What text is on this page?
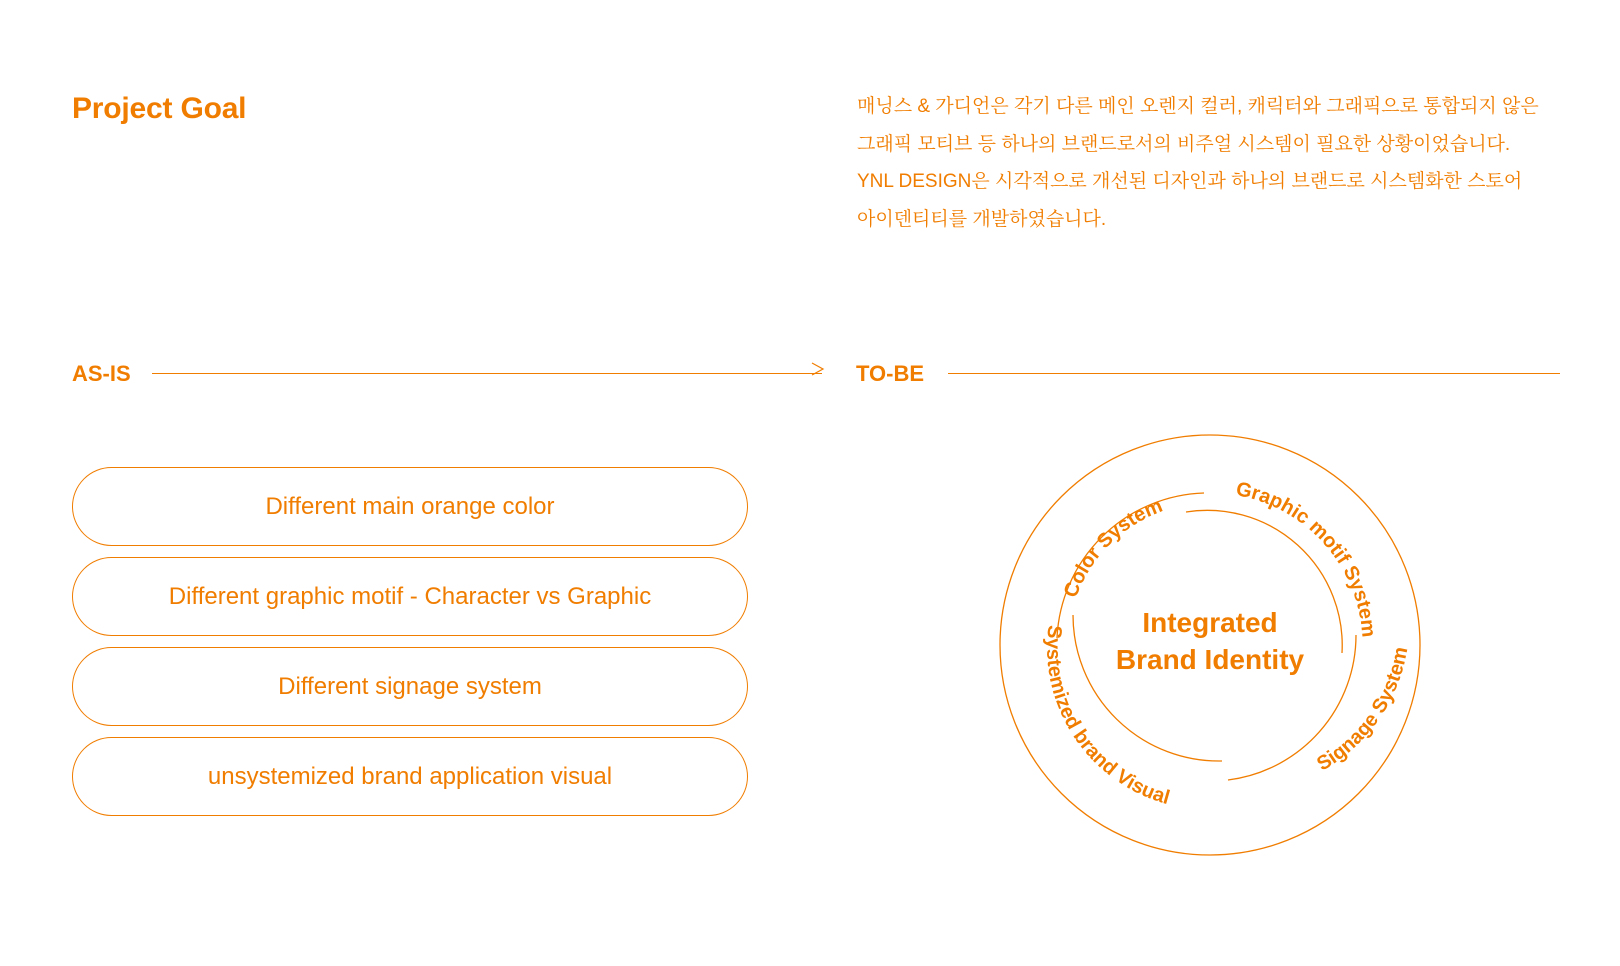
Project Goal	매닝스 & 가디언은 각기 다른 메인 오렌지 컬러, 캐릭터와 그래픽으로 통합되지 않은

그래픽 모티브 등 하나의 브랜드로서의 비주얼 시스템이 필요한 상황이었습니다.

YNL DESIGN은 시각적으로 개선된 디자인과 하나의 브랜드로 시스템화한 스토어

아이덴티티를 개발하였습니다.

AS-IS	TO-BE
Different main orange color
Different graphic motif - Character vs Graphic
Different signage system
unsystemized brand application visual
Color System
Graphic motif System
Signage System
Systemized brand Visual
Integrated
Brand Identity
